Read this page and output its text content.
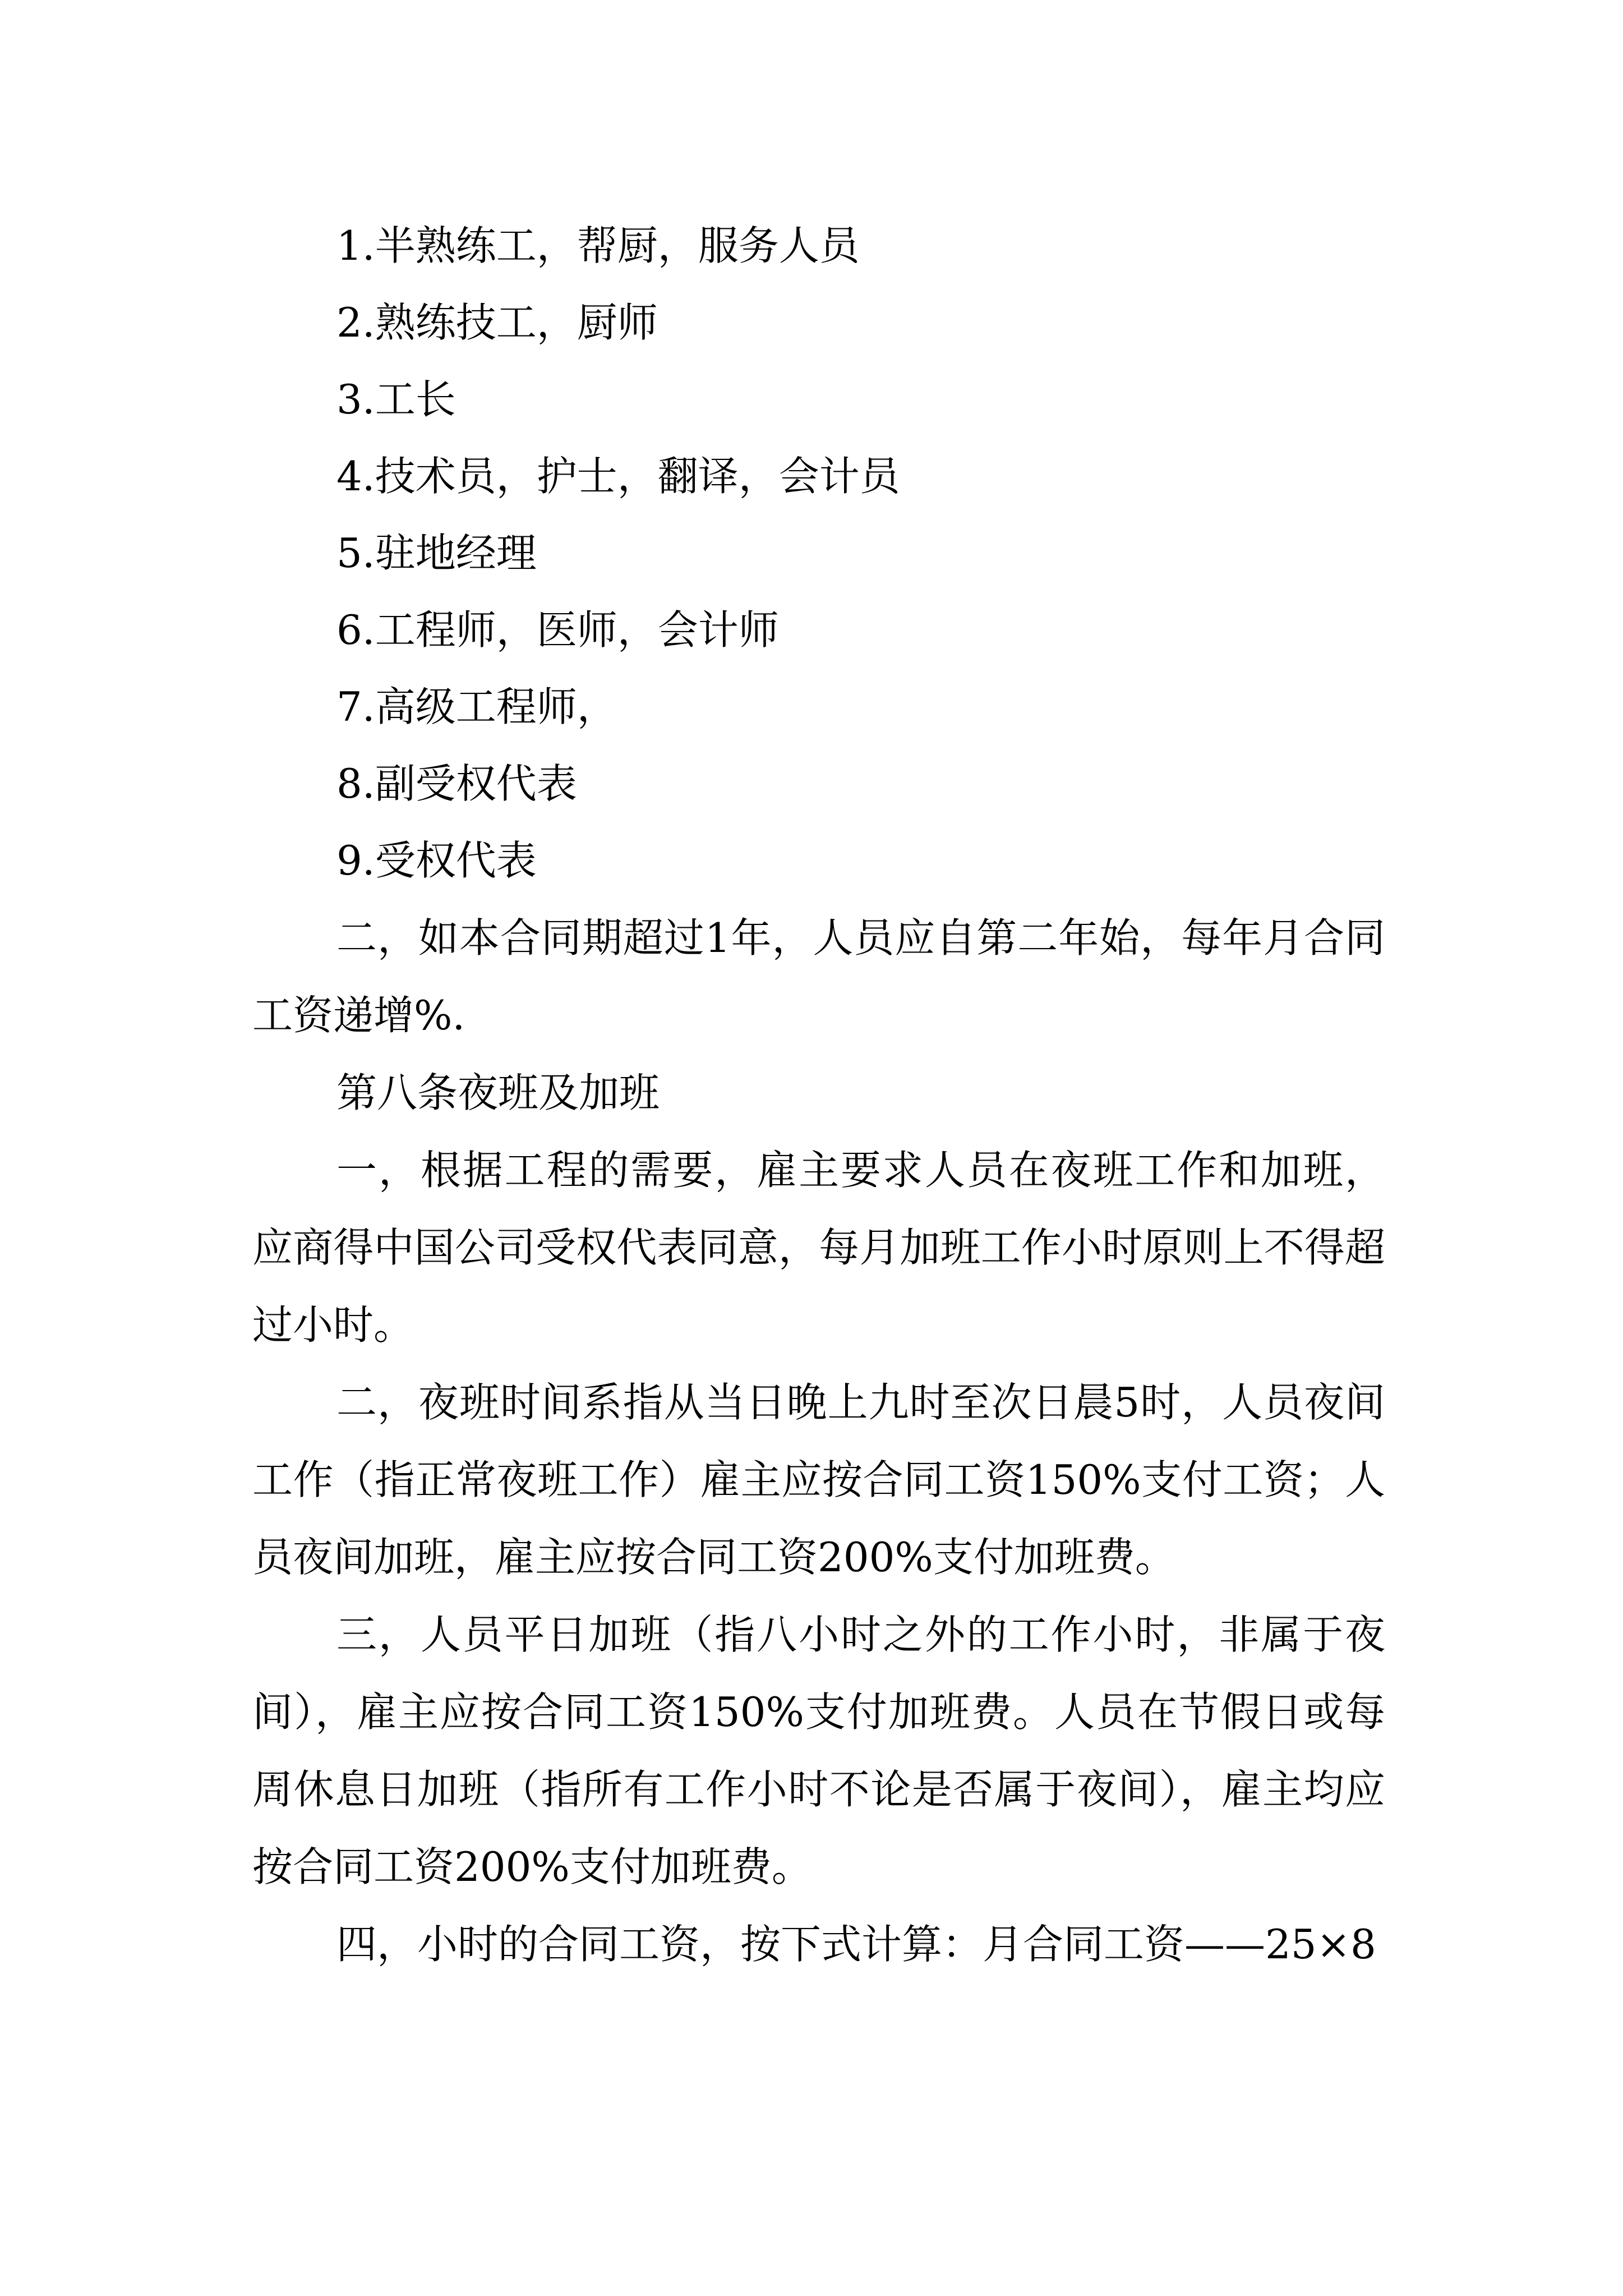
1.半熟练工，帮厨，服务人员
2.熟练技工，厨师
3.工长
4.技术员，护士，翻译，会计员
5.驻地经理
6.工程师，医师，会计师
7.高级工程师，
8.副受权代表
9.受权代表

二，如本合同期超过1年，人员应自第二年始，每年月合同工资递增%.

第八条夜班及加班

一，根据工程的需要，雇主要求人员在夜班工作和加班，应商得中国公司受权代表同意，每月加班工作小时原则上不得超过小时。

二，夜班时间系指从当日晚上九时至次日晨5时，人员夜间工作（指正常夜班工作）雇主应按合同工资150%支付工资；人员夜间加班，雇主应按合同工资200%支付加班费。

三，人员平日加班（指八小时之外的工作小时，非属于夜间），雇主应按合同工资150%支付加班费。人员在节假日或每周休息日加班（指所有工作小时不论是否属于夜间），雇主均应按合同工资200%支付加班费。

四，小时的合同工资，按下式计算：月合同工资——25×8
